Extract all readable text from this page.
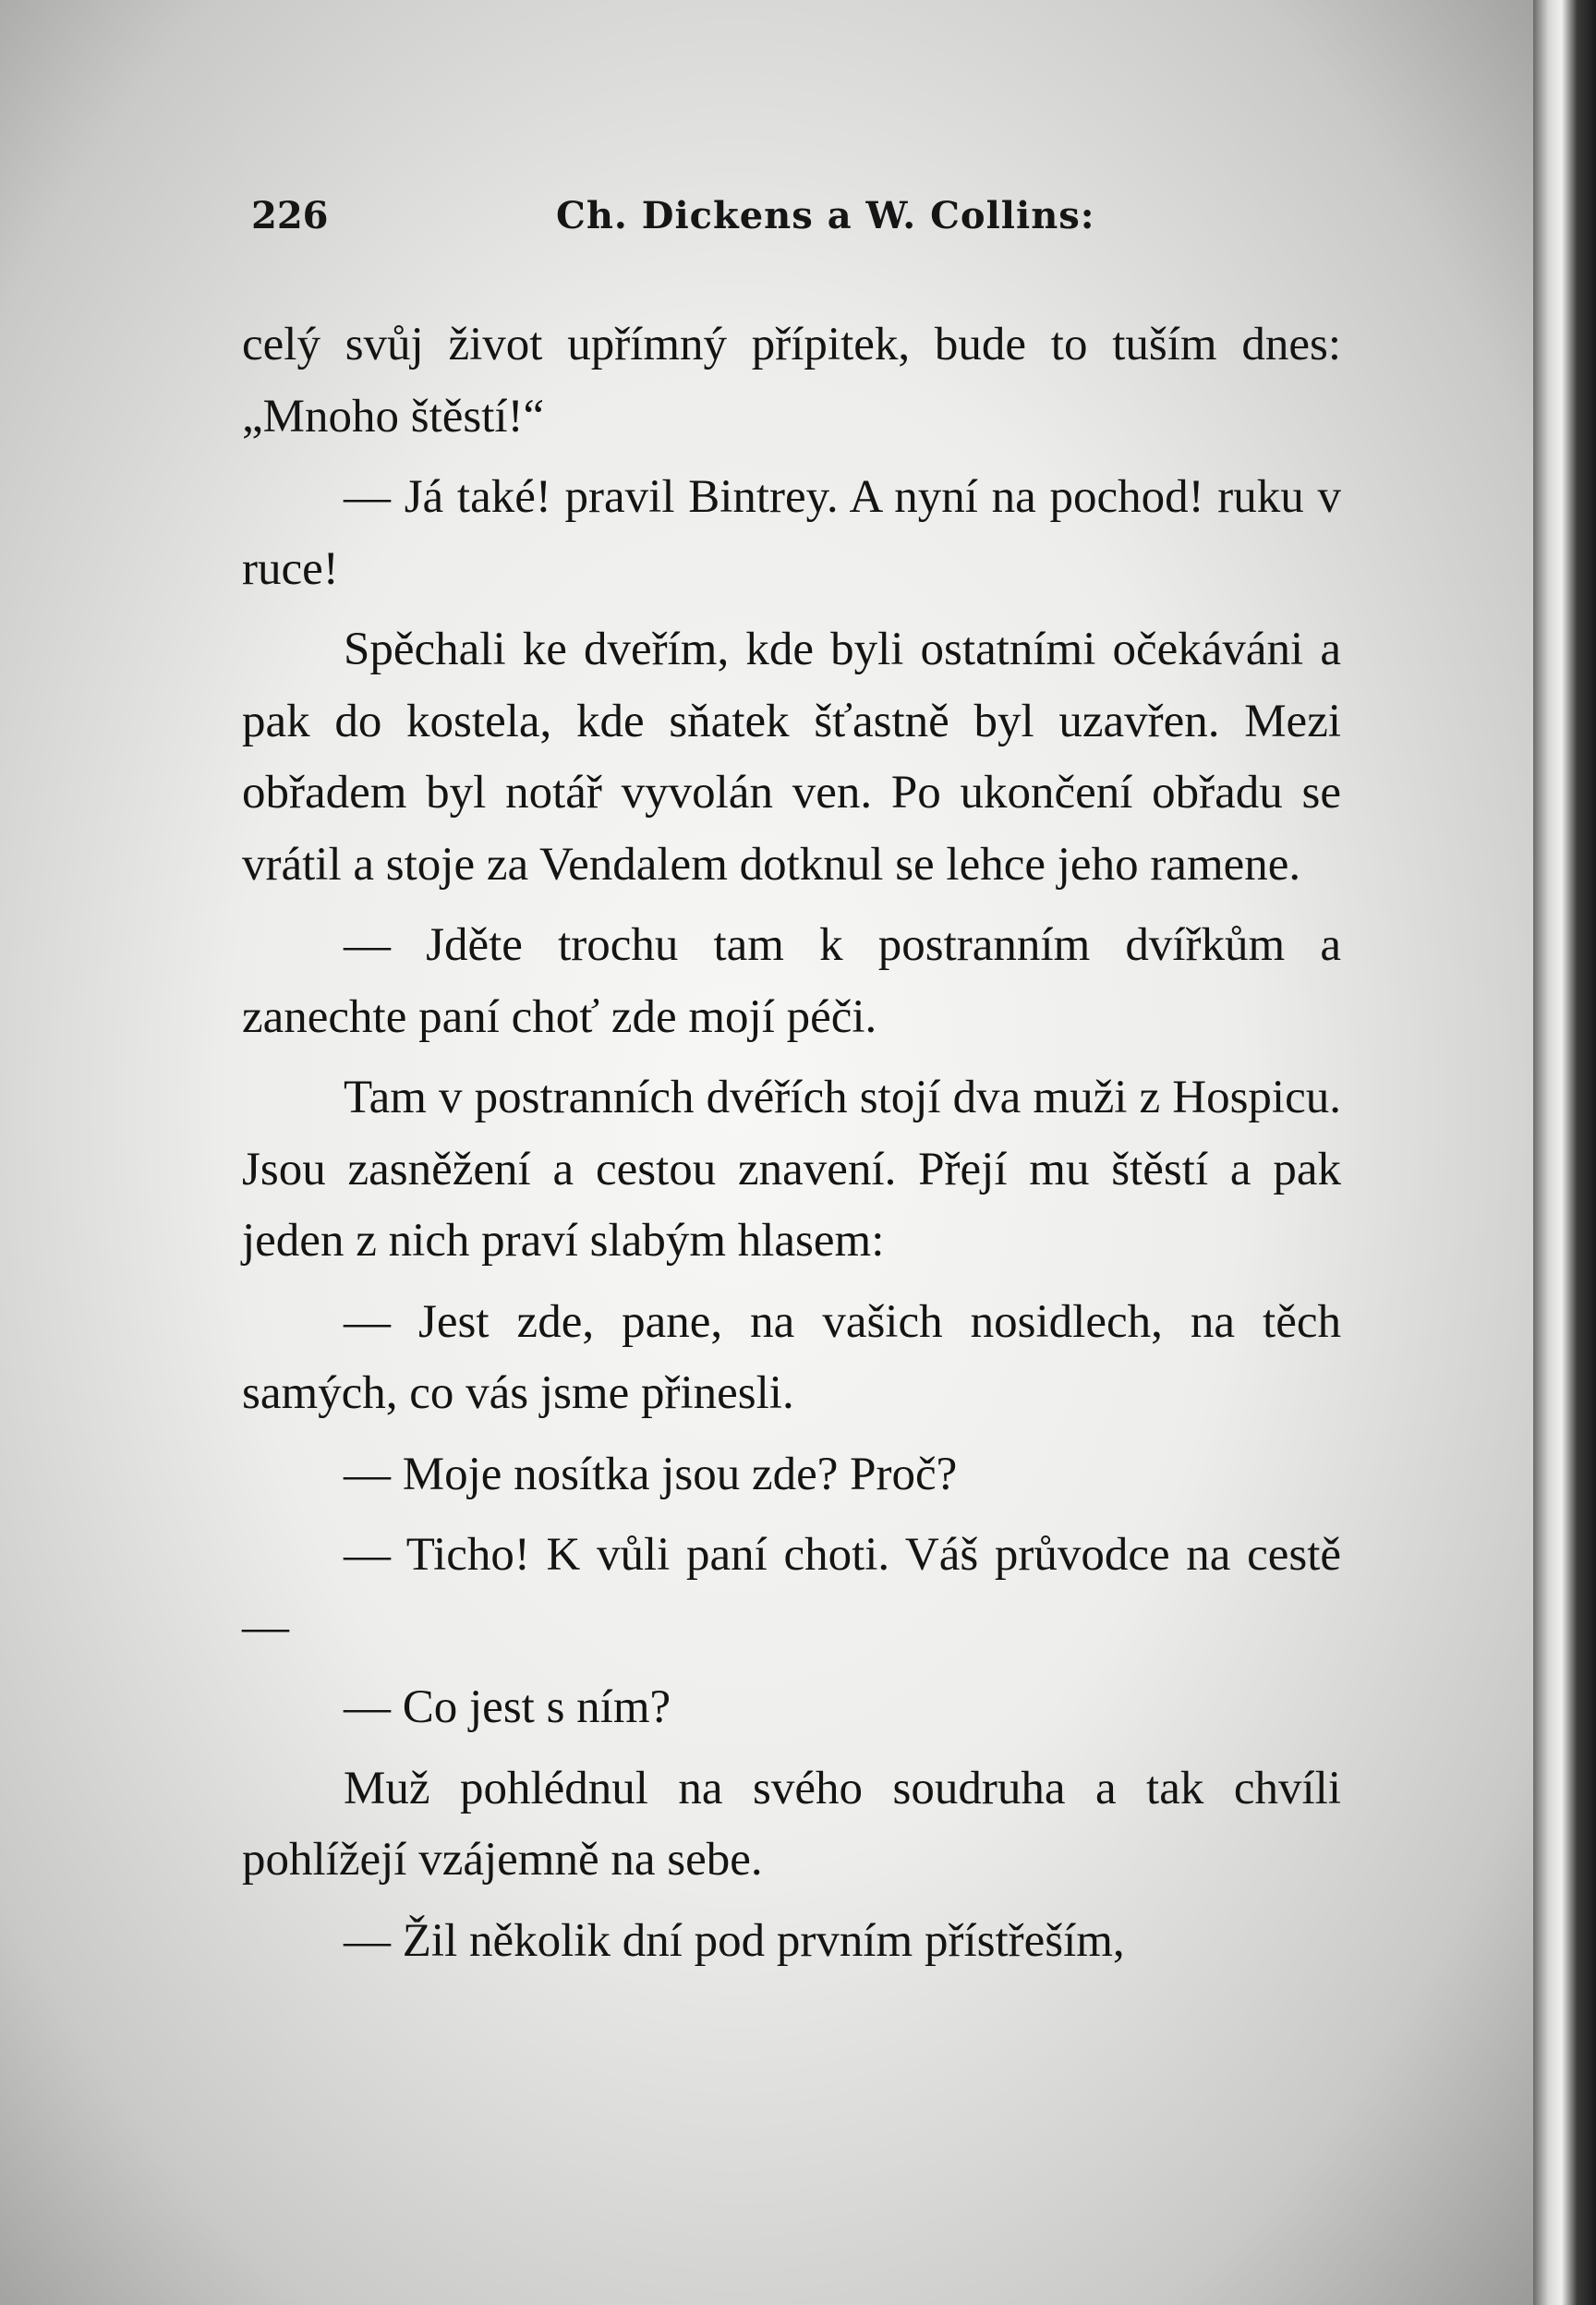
226	Ch. Dickens a W. Collins:

celý svůj život upřímný přípitek, bude to tuším dnes: „Mnoho štěstí!“

— Já také! pravil Bintrey. A nyní na pochod! ruku v ruce!

Spěchali ke dveřím, kde byli ostatními očekáváni a pak do kostela, kde sňatek šťastně byl uzavřen. Mezi obřadem byl notář vyvolán ven. Po ukončení obřadu se vrátil a stoje za Vendalem dotknul se lehce jeho ramene.

— Jděte trochu tam k postranním dvířkům a zanechte paní choť zde mojí péči.

Tam v postranních dvéřích stojí dva muži z Hospicu. Jsou zasněžení a cestou znavení. Přejí mu štěstí a pak jeden z nich praví slabým hlasem:

— Jest zde, pane, na vašich nosidlech, na těch samých, co vás jsme přinesli.

— Moje nosítka jsou zde? Proč?

— Ticho! K vůli paní choti. Váš průvodce na cestě —

— Co jest s ním?

Muž pohlédnul na svého soudruha a tak chvíli pohlížejí vzájemně na sebe.

— Žil několik dní pod prvním přístřeším,
